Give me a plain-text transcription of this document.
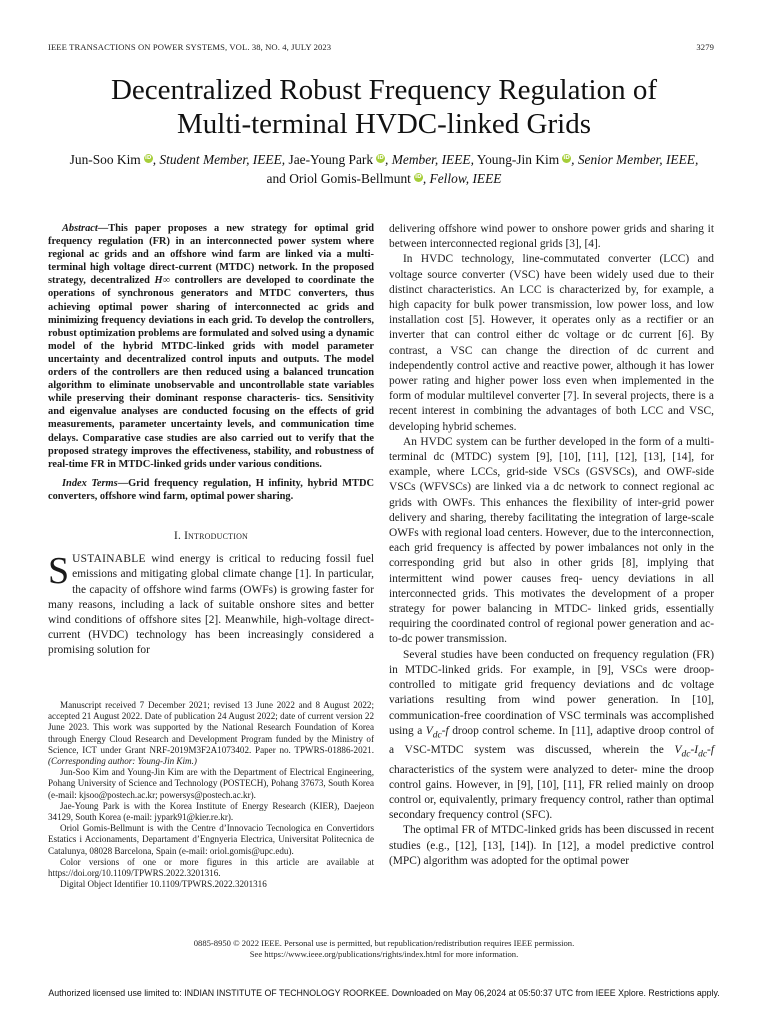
IEEE TRANSACTIONS ON POWER SYSTEMS, VOL. 38, NO. 4, JULY 2023	3279
Decentralized Robust Frequency Regulation of
Multi-terminal HVDC-linked Grids
Jun-Soo Kim iD, Student Member, IEEE, Jae-Young Park iD, Member, IEEE, Young-Jin Kim iD, Senior Member, IEEE,
and Oriol Gomis-Bellmunt iD, Fellow, IEEE

Abstract—This paper proposes a new strategy for optimal grid frequency regulation (FR) in an interconnected power system where regional ac grids and an offshore wind farm are linked via a multi-terminal high voltage direct-current (MTDC) network. In the proposed strategy, decentralized H∞ controllers are developed to coordinate the operations of synchronous generators and MTDC converters, thus achieving optimal power sharing of interconnected ac grids and minimizing frequency deviations in each grid. To develop the controllers, robust optimization problems are formulated and solved using a dynamic model of the hybrid MTDC-linked grids with model parameter uncertainty and decentralized control inputs and outputs. The model orders of the controllers are then reduced using a balanced truncation algorithm to eliminate unobservable and uncontrollable state variables while preserving their dominant response characteris- tics. Sensitivity and eigenvalue analyses are conducted focusing on the effects of grid measurements, parameter uncertainty levels, and communication time delays. Comparative case studies are also carried out to verify that the proposed strategy improves the effectiveness, stability, and robustness of real-time FR in MTDC-linked grids under various conditions.

Index Terms—Grid frequency regulation, H infinity, hybrid MTDC converters, offshore wind farm, optimal power sharing.

I. Introduction

SUSTAINABLE wind energy is critical to reducing fossil fuel emissions and mitigating global climate change [1]. In particular, the capacity of offshore wind farms (OWFs) is growing faster for many reasons, including a lack of suitable onshore sites and better wind conditions of offshore sites [2]. Meanwhile, high-voltage direct-current (HVDC) technology has been increasingly considered a promising solution for

Manuscript received 7 December 2021; revised 13 June 2022 and 8 August 2022; accepted 21 August 2022. Date of publication 24 August 2022; date of current version 22 June 2023. This work was supported by the National Research Foundation of Korea through Energy Cloud Research and Development Program funded by the Ministry of Science, ICT under Grant NRF-2019M3F2A1073402. Paper no. TPWRS-01886-2021. (Corresponding author: Young-Jin Kim.)

Jun-Soo Kim and Young-Jin Kim are with the Department of Electrical Engineering, Pohang University of Science and Technology (POSTECH), Pohang 37673, South Korea (e-mail: kjsoo@postech.ac.kr; powersys@postech.ac.kr).

Jae-Young Park is with the Korea Institute of Energy Research (KIER), Daejeon 34129, South Korea (e-mail: jypark91@kier.re.kr).

Oriol Gomis-Bellmunt is with the Centre d’Innovacio Tecnologica en Convertidors Estatics i Accionaments, Departament d’Engnyeria Electrica, Universitat Politecnica de Catalunya, 08028 Barcelona, Spain (e-mail: oriol.gomis@upc.edu).

Color versions of one or more figures in this article are available at https://doi.org/10.1109/TPWRS.2022.3201316.

Digital Object Identifier 10.1109/TPWRS.2022.3201316

delivering offshore wind power to onshore power grids and sharing it between interconnected regional grids [3], [4].

In HVDC technology, line-commutated converter (LCC) and voltage source converter (VSC) have been widely used due to their distinct characteristics. An LCC is characterized by, for example, a high capacity for bulk power transmission, low power loss, and low installation cost [5]. However, it operates only as a rectifier or an inverter that can control either dc voltage or dc current [6]. By contrast, a VSC can change the direction of dc current and independently control active and reactive power, although it has lower power rating and higher power loss even when implemented in the form of modular multilevel converter [7]. In several projects, there is a recent interest in combining the advantages of both LCC and VSC, developing hybrid schemes.

An HVDC system can be further developed in the form of a multi-terminal dc (MTDC) system [9], [10], [11], [12], [13], [14], for example, where LCCs, grid-side VSCs (GSVSCs), and OWF-side VSCs (WFVSCs) are linked via a dc network to connect regional ac grids with OWFs. This enhances the flexibility of inter-grid power delivery and sharing, thereby facilitating the integration of large-scale OWFs with regional load centers. However, due to the interconnection, each grid frequency is affected by power imbalances not only in the corresponding grid but also in other grids [8], implying that intermittent wind power causes freq- uency deviations in all interconnected grids. This motivates the development of a proper strategy for power balancing in MTDC- linked grids, essentially requiring the coordinated control of regional power generation and ac-to-dc power transmission.

Several studies have been conducted on frequency regulation (FR) in MTDC-linked grids. For example, in [9], VSCs were droop-controlled to mitigate grid frequency deviations and dc voltage variations resulting from wind power generation. In [10], communication-free coordination of VSC terminals was accomplished using a $V_{dc}-f$ droop control scheme. In [11], adaptive droop control of a VSC-MTDC system was discussed, wherein the $V_{dc}-I_{dc}-f$ characteristics of the system were analyzed to deter- mine the droop control gains. However, in [9], [10], [11], FR relied mainly on droop control or, equivalently, primary frequency control, rather than optimal secondary frequency control (SFC).

The optimal FR of MTDC-linked grids has been discussed in recent studies (e.g., [12], [13], [14]). In [12], a model predictive control (MPC) algorithm was adopted for the optimal power

0885-8950 © 2022 IEEE. Personal use is permitted, but republication/redistribution requires IEEE permission.
See https://www.ieee.org/publications/rights/index.html for more information.
Authorized licensed use limited to: INDIAN INSTITUTE OF TECHNOLOGY ROORKEE. Downloaded on May 06,2024 at 05:50:37 UTC from IEEE Xplore. Restrictions apply.
